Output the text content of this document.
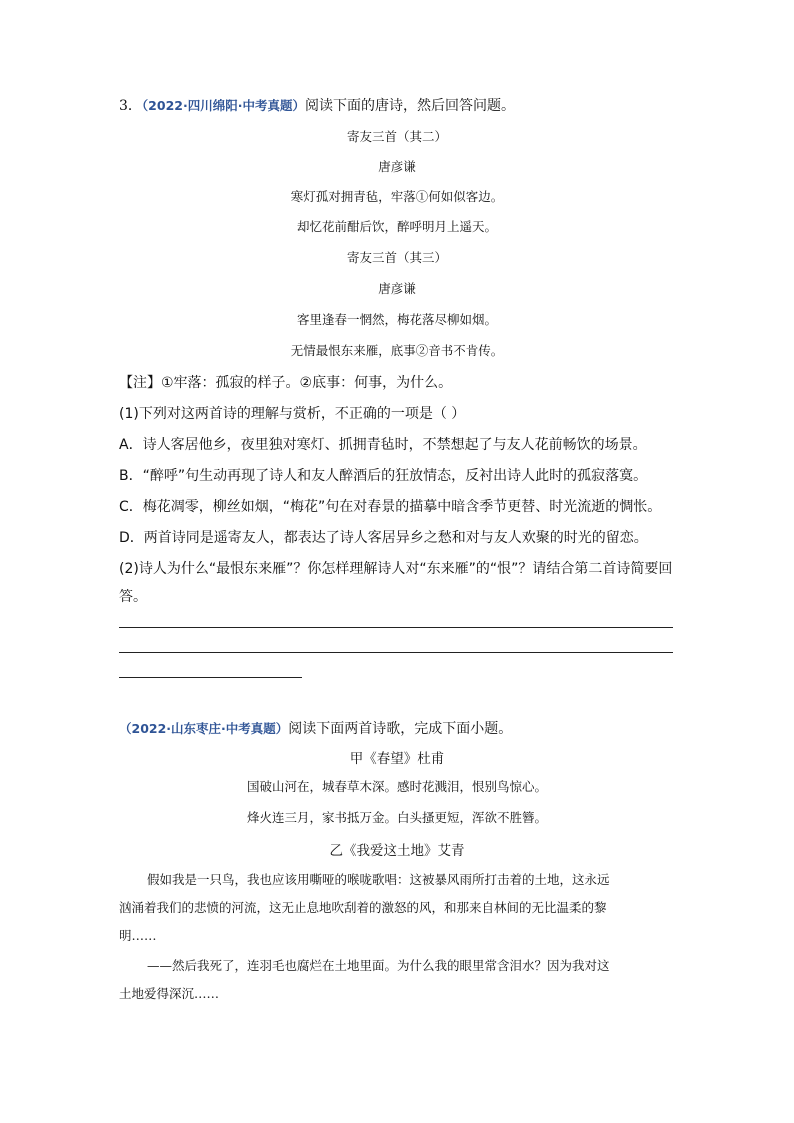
3．（2022·四川绵阳·中考真题）阅读下面的唐诗，然后回答问题。
寄友三首（其二）
唐彦谦
寒灯孤对拥青毡，牢落①何如似客边。
却忆花前酣后饮，醉呼明月上遥天。
寄友三首（其三）
唐彦谦
客里逢春一惘然，梅花落尽柳如烟。
无情最恨东来雁，底事②音书不肯传。
【注】①牢落：孤寂的样子。②底事：何事，为什么。
(1)下列对这两首诗的理解与赏析，不正确的一项是（ ）
A．诗人客居他乡，夜里独对寒灯、抓拥青毡时，不禁想起了与友人花前畅饮的场景。
B．“醉呼”句生动再现了诗人和友人醉酒后的狂放情态，反衬出诗人此时的孤寂落寞。
C．梅花凋零，柳丝如烟，“梅花”句在对春景的描摹中暗含季节更替、时光流逝的惆怅。
D．两首诗同是遥寄友人，都表达了诗人客居异乡之愁和对与友人欢聚的时光的留恋。
(2)诗人为什么“最恨东来雁”？你怎样理解诗人对“东来雁”的“恨”？请结合第二首诗简要回
答。
（2022·山东枣庄·中考真题）阅读下面两首诗歌，完成下面小题。
甲《春望》杜甫
国破山河在，城春草木深。感时花溅泪，恨别鸟惊心。
烽火连三月，家书抵万金。白头搔更短，浑欲不胜簪。
乙《我爱这土地》艾青
假如我是一只鸟，我也应该用嘶哑的喉咙歌唱：这被暴风雨所打击着的土地，这永远
汹涌着我们的悲愤的河流，这无止息地吹刮着的激怒的风，和那来自林间的无比温柔的黎
明……
——然后我死了，连羽毛也腐烂在土地里面。为什么我的眼里常含泪水？因为我对这
土地爱得深沉……
